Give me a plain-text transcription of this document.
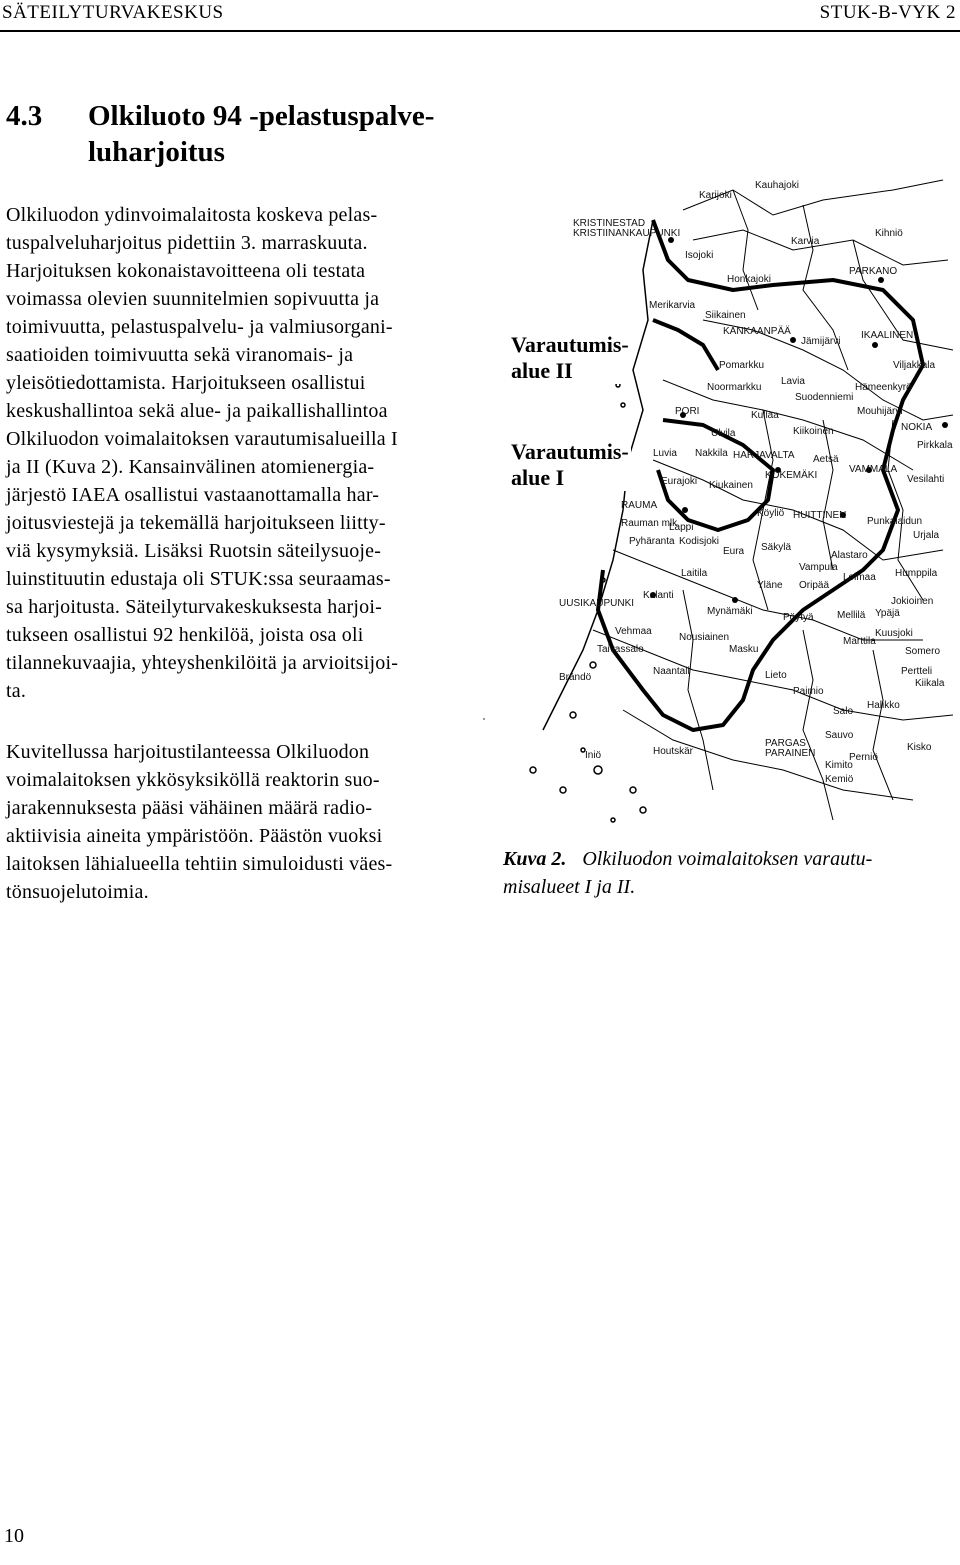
SÄTEILYTURVAKESKUS	STUK-B-VYK 2
4.3 Olkiluoto 94 -pelastuspalve-
luharjoitus

Olkiluodon ydinvoimalaitosta koskeva pelas-
tuspalveluharjoitus pidettiin 3. marraskuuta.
Harjoituksen kokonaistavoitteena oli testata
voimassa olevien suunnitelmien sopivuutta ja
toimivuutta, pelastuspalvelu- ja valmiusorgani-
saatioiden toimivuutta sekä viranomais- ja
yleisötiedottamista. Harjoitukseen osallistui
keskushallintoa sekä alue- ja paikallishallintoa
Olkiluodon voimalaitoksen varautumisalueilla I
ja II (Kuva 2). Kansainvälinen atomienergia-
järjestö IAEA osallistui vastaanottamalla har-
joitusviestejä ja tekemällä harjoitukseen liitty-
viä kysymyksiä. Lisäksi Ruotsin säteilysuoje-
luinstituutin edustaja oli STUK:ssa seuraamas-
sa harjoitusta. Säteilyturvakeskuksesta harjoi-
tukseen osallistui 92 henkilöä, joista osa oli
tilannekuvaajia, yhteyshenkilöitä ja arvioitsijoi-
ta.

Kuvitellussa harjoitustilanteessa Olkiluodon
voimalaitoksen ykkösyksiköllä reaktorin suo-
jarakennuksesta pääsi vähäinen määrä radio-
aktiivisia aineita ympäristöön. Päästön vuoksi
laitoksen lähialueella tehtiin simuloidusti väes-
tönsuojelutoimia.

Varautumis-
alue II
Varautumis-
alue I
KRISTINESTAD
KRISTIINANKAUPUNKI
Karijoki
Kauhajoki
Isojoki
Karvia
Kihniö
Honkajoki
PARKANO
Merikarvia
Siikainen
KANKAANPÄÄ
Jämijärvi
IKAALINEN
Pomarkku	Viljakkala
Noormarkku
Lavia
Hämeenkyrö
Suodenniemi
PORI	Kullaa	Mouhijärvi
NOKIA
Ulvila	Kiikoinen
Pirkkala
Luvia Nakkila HARJAVALTA Aetsä
VAMMALA
Vesilahti
Eurajoki Kiukainen
KOKEMÄKI
RAUMA
Rauman mlk
Lappi
Köyliö HUITTINEN
Punkalaidun
Pyhäranta Kodisjoki
Eura Säkylä
Urjala
Vampula
Alastaro
Laitila
Yläne Oripää
Loimaa Humppila
UUSIKAUPUNKI
Kalanti
Mynämäki
Pöytyä Mellilä
Jokioinen
Vehmaa
Nousiainen
Ypäjä
Taivassalo	Masku
Marttila
Kuusjoki
Somero
Brändö
Naantali	Lieto	Pertteli
Kiikala
Salo
Halikko
Paimio
Sauvo
PARGAS
PARAINEN
Kimito
Perniö
Kisko
Houtskär
Kemiö
Iniö

Kuva 2. Olkiluodon voimalaitoksen varautu-
misalueet I ja II.

10
